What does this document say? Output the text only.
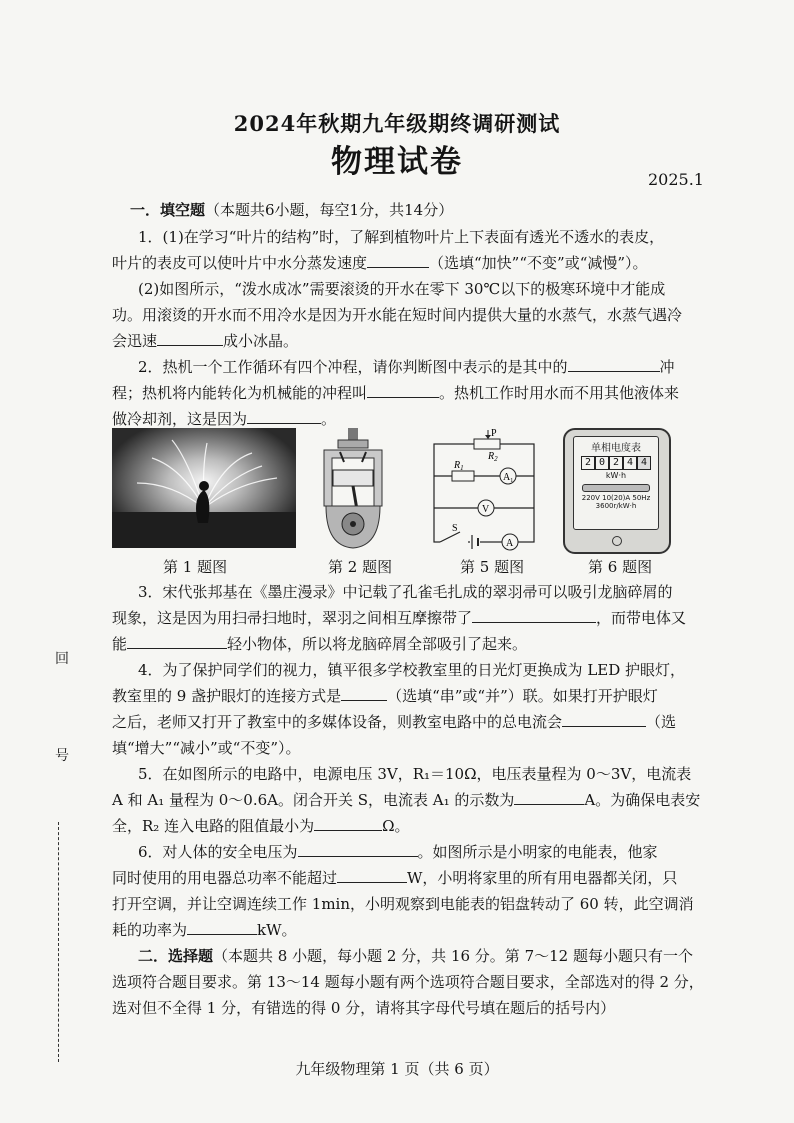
2024年秋期九年级期终调研测试
物理试卷	2025.1
一．填空题（本题共6小题，每空1分，共14分）
1．(1)在学习“叶片的结构”时，了解到植物叶片上下表面有透光不透水的表皮，
叶片的表皮可以使叶片中水分蒸发速度	（选填“加快”“不变”或“减慢”）。
(2)如图所示，“泼水成冰”需要滚烫的开水在零下 30℃以下的极寒环境中才能成
功。用滚烫的开水而不用冷水是因为开水能在短时间内提供大量的水蒸气，水蒸气遇冷
会迅速	成小冰晶。
2．热机一个工作循环有四个冲程，请你判断图中表示的是其中的	冲
程；热机将内能转化为机械能的冲程叫	。热机工作时用水而不用其他液体来
做冷却剂，这是因为	。
P
$R_2$
$R_1$
$A_1$
V
S
A
单相电度表
2 0 2 4 4
kW·h
220V 10(20)A 50Hz
3600r/kW·h
第 1 题图	第 2 题图	第 5 题图	第 6 题图
3．宋代张邦基在《墨庄漫录》中记载了孔雀毛扎成的翠羽帚可以吸引龙脑碎屑的
现象，这是因为用扫帚扫地时，翠羽之间相互摩擦带了	，而带电体又
能	轻小物体，所以将龙脑碎屑全部吸引了起来。
4．为了保护同学们的视力，镇平很多学校教室里的日光灯更换成为 LED 护眼灯，
教室里的 9 盏护眼灯的连接方式是	（选填“串”或“并”）联。如果打开护眼灯
之后，老师又打开了教室中的多媒体设备，则教室电路中的总电流会	（选
填“增大”“减小”或“不变”）。
5．在如图所示的电路中，电源电压 3V，R₁＝10Ω，电压表量程为 0～3V，电流表
A 和 A₁ 量程为 0～0.6A。闭合开关 S，电流表 A₁ 的示数为	A。为确保电表安
全，R₂ 连入电路的阻值最小为	Ω。
6．对人体的安全电压为	。如图所示是小明家的电能表，他家
同时使用的用电器总功率不能超过	W，小明将家里的所有用电器都关闭，只
打开空调，并让空调连续工作 1min，小明观察到电能表的铝盘转动了 60 转，此空调消
耗的功率为	kW。
二．选择题（本题共 8 小题，每小题 2 分，共 16 分。第 7～12 题每小题只有一个
选项符合题目要求。第 13～14 题每小题有两个选项符合题目要求，全部选对的得 2 分，
选对但不全得 1 分，有错选的得 0 分，请将其字母代号填在题后的括号内）
九年级物理第 1 页（共 6 页）
回
号
